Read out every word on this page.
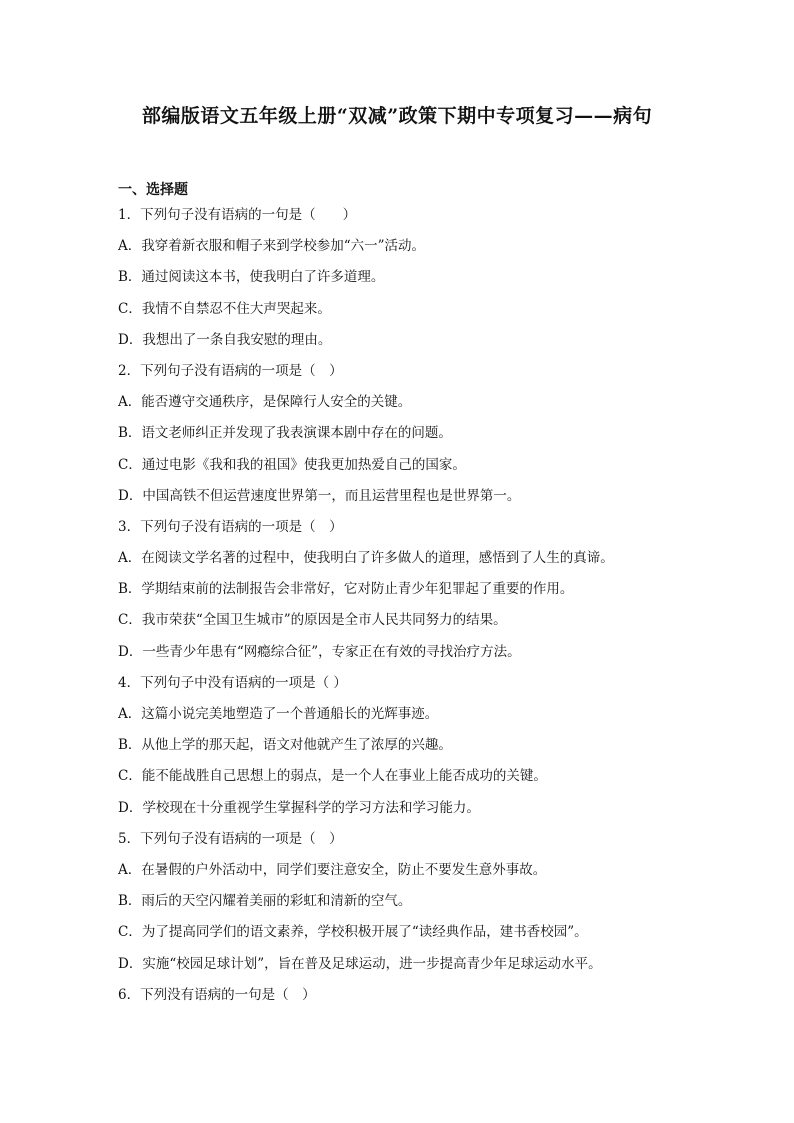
部编版语文五年级上册“双减”政策下期中专项复习——病句
一、选择题
1．下列句子没有语病的一句是（　　）
A．我穿着新衣服和帽子来到学校参加“六一”活动。
B．通过阅读这本书，使我明白了许多道理。
C．我情不自禁忍不住大声哭起来。
D．我想出了一条自我安慰的理由。
2．下列句子没有语病的一项是（　）
A．能否遵守交通秩序，是保障行人安全的关键。
B．语文老师纠正并发现了我表演课本剧中存在的问题。
C．通过电影《我和我的祖国》使我更加热爱自己的国家。
D．中国高铁不但运营速度世界第一，而且运营里程也是世界第一。
3．下列句子没有语病的一项是（　）
A．在阅读文学名著的过程中，使我明白了许多做人的道理，感悟到了人生的真谛。
B．学期结束前的法制报告会非常好，它对防止青少年犯罪起了重要的作用。
C．我市荣获“全国卫生城市”的原因是全市人民共同努力的结果。
D．一些青少年患有“网瘾综合征”，专家正在有效的寻找治疗方法。
4．下列句子中没有语病的一项是（ ）
A．这篇小说完美地塑造了一个普通船长的光辉事迹。
B．从他上学的那天起，语文对他就产生了浓厚的兴趣。
C．能不能战胜自己思想上的弱点，是一个人在事业上能否成功的关键。
D．学校现在十分重视学生掌握科学的学习方法和学习能力。
5．下列句子没有语病的一项是（　）
A．在暑假的户外活动中，同学们要注意安全，防止不要发生意外事故。
B．雨后的天空闪耀着美丽的彩虹和清新的空气。
C．为了提高同学们的语文素养，学校积极开展了“读经典作品，建书香校园”。
D．实施“校园足球计划”，旨在普及足球运动，进一步提高青少年足球运动水平。
6．下列没有语病的一句是（　）
